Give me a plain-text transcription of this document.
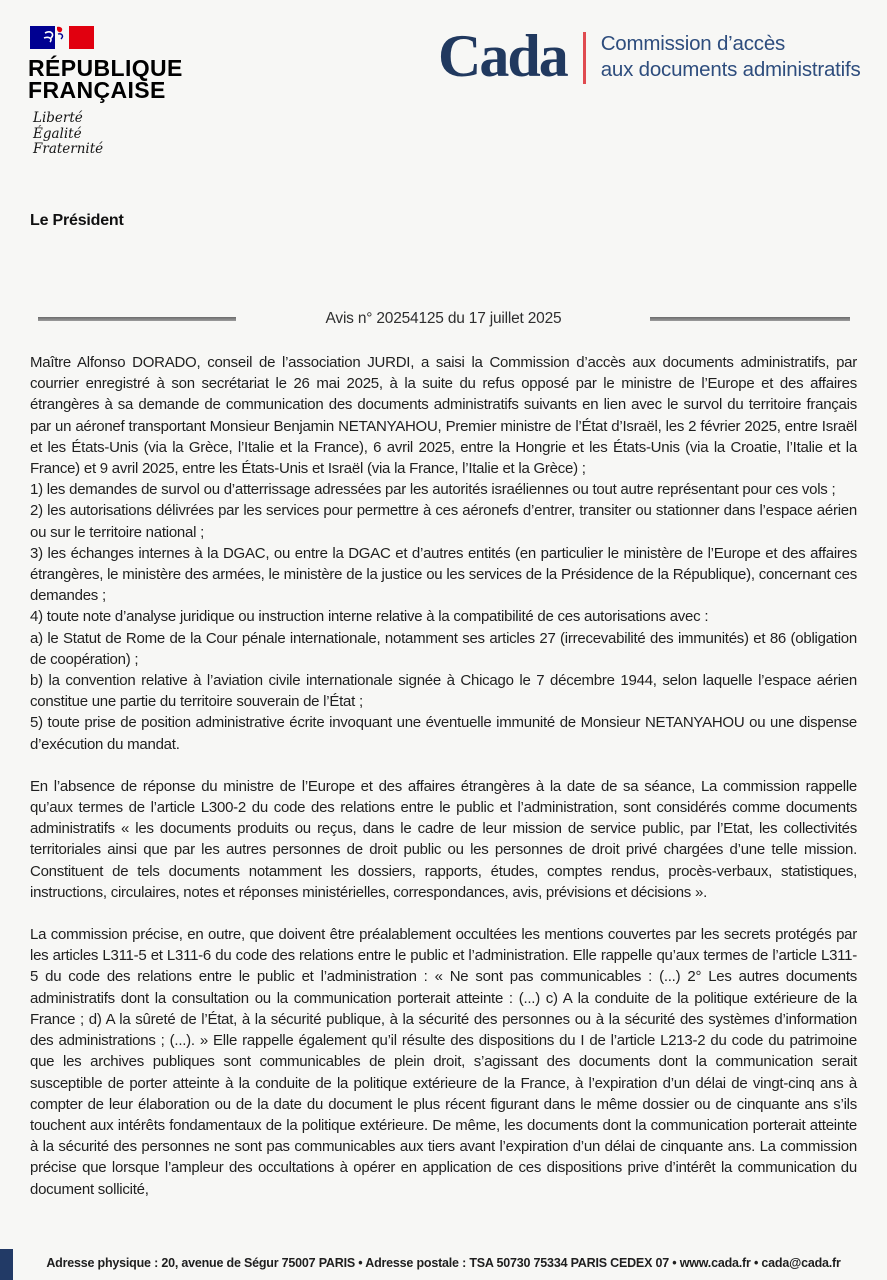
RÉPUBLIQUE
FRANÇAISE
Liberté
Égalité
Fraternité
Cada Commission d’accès
aux documents administratifs
Le Président
Avis n° 20254125 du 17 juillet 2025

Maître Alfonso DORADO, conseil de l’association JURDI, a saisi la Commission d’accès aux documents administratifs, par courrier enregistré à son secrétariat le 26 mai 2025, à la suite du refus opposé par le ministre de l’Europe et des affaires étrangères à sa demande de communication des documents administratifs suivants en lien avec le survol du territoire français par un aéronef transportant Monsieur Benjamin NETANYAHOU, Premier ministre de l’État d’Israël, les 2 février 2025, entre Israël et les États-Unis (via la Grèce, l’Italie et la France), 6 avril 2025, entre la Hongrie et les États-Unis (via la Croatie, l’Italie et la France) et 9 avril 2025, entre les États-Unis et Israël (via la France, l’Italie et la Grèce) ;

1) les demandes de survol ou d’atterrissage adressées par les autorités israéliennes ou tout autre représentant pour ces vols ;

2) les autorisations délivrées par les services pour permettre à ces aéronefs d’entrer, transiter ou stationner dans l’espace aérien ou sur le territoire national ;

3) les échanges internes à la DGAC, ou entre la DGAC et d’autres entités (en particulier le ministère de l’Europe et des affaires étrangères, le ministère des armées, le ministère de la justice ou les services de la Présidence de la République), concernant ces demandes ;

4) toute note d’analyse juridique ou instruction interne relative à la compatibilité de ces autorisations avec :

a) le Statut de Rome de la Cour pénale internationale, notamment ses articles 27 (irrecevabilité des immunités) et 86 (obligation de coopération) ;

b) la convention relative à l’aviation civile internationale signée à Chicago le 7 décembre 1944, selon laquelle l’espace aérien constitue une partie du territoire souverain de l’État ;

5) toute prise de position administrative écrite invoquant une éventuelle immunité de Monsieur NETANYAHOU ou une dispense d’exécution du mandat.

En l’absence de réponse du ministre de l’Europe et des affaires étrangères à la date de sa séance, La commission rappelle qu’aux termes de l’article L300-2 du code des relations entre le public et l’administration, sont considérés comme documents administratifs « les documents produits ou reçus, dans le cadre de leur mission de service public, par l’Etat, les collectivités territoriales ainsi que par les autres personnes de droit public ou les personnes de droit privé chargées d’une telle mission. Constituent de tels documents notamment les dossiers, rapports, études, comptes rendus, procès-verbaux, statistiques, instructions, circulaires, notes et réponses ministérielles, correspondances, avis, prévisions et décisions ».

La commission précise, en outre, que doivent être préalablement occultées les mentions couvertes par les secrets protégés par les articles L311-5 et L311-6 du code des relations entre le public et l’administration. Elle rappelle qu’aux termes de l’article L311-5 du code des relations entre le public et l’administration : « Ne sont pas communicables : (...) 2° Les autres documents administratifs dont la consultation ou la communication porterait atteinte : (...) c) A la conduite de la politique extérieure de la France ; d) A la sûreté de l’État, à la sécurité publique, à la sécurité des personnes ou à la sécurité des systèmes d’information des administrations ; (...). » Elle rappelle également qu’il résulte des dispositions du I de l’article L213-2 du code du patrimoine que les archives publiques sont communicables de plein droit, s’agissant des documents dont la communication serait susceptible de porter atteinte à la conduite de la politique extérieure de la France, à l’expiration d’un délai de vingt-cinq ans à compter de leur élaboration ou de la date du document le plus récent figurant dans le même dossier ou de cinquante ans s’ils touchent aux intérêts fondamentaux de la politique extérieure. De même, les documents dont la communication porterait atteinte à la sécurité des personnes ne sont pas communicables aux tiers avant l’expiration d’un délai de cinquante ans. La commission précise que lorsque l’ampleur des occultations à opérer en application de ces dispositions prive d’intérêt la communication du document sollicité,

Adresse physique : 20, avenue de Ségur 75007 PARIS • Adresse postale : TSA 50730 75334 PARIS CEDEX 07 • www.cada.fr • cada@cada.fr
